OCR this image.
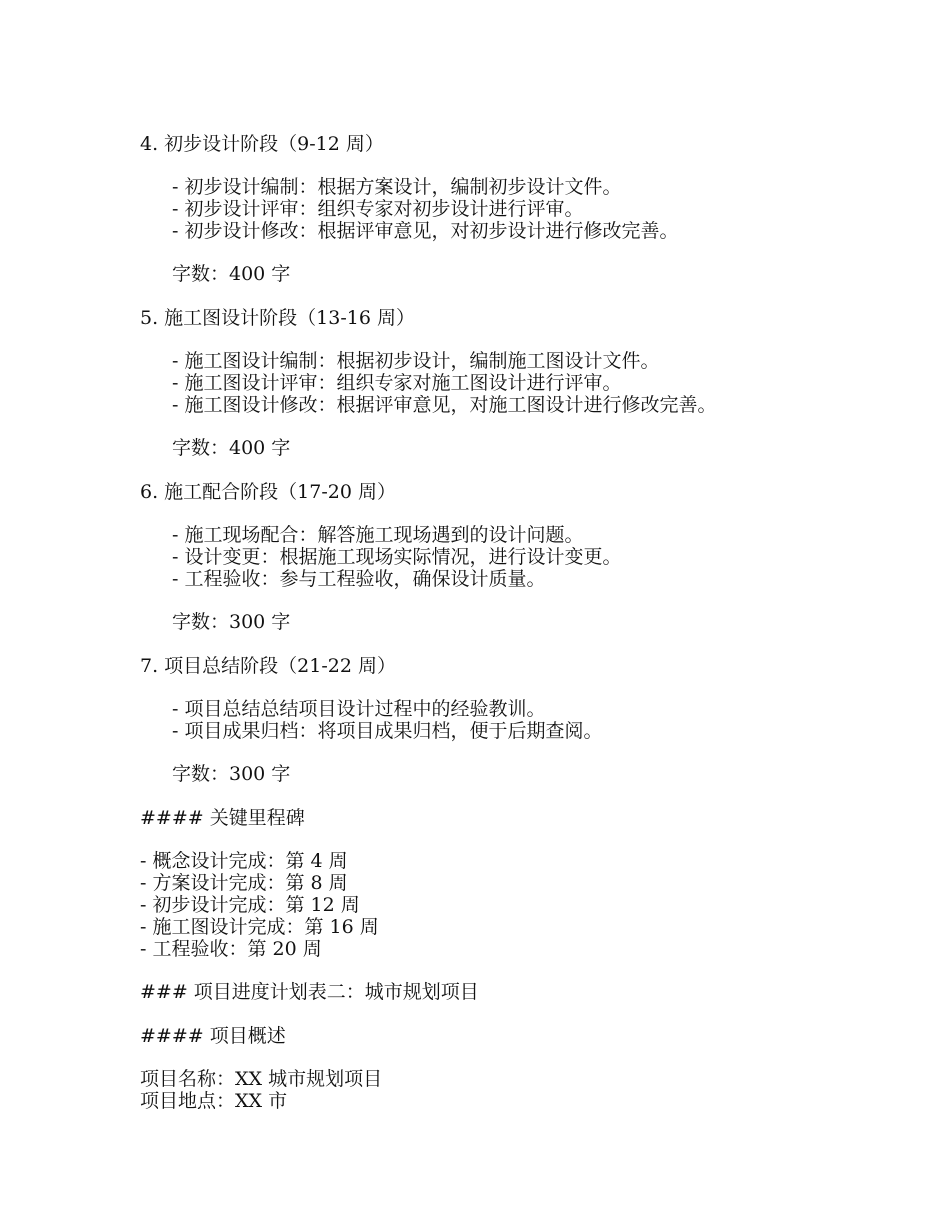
4. 初步设计阶段（9-12 周）
- 初步设计编制：根据方案设计，编制初步设计文件。
- 初步设计评审：组织专家对初步设计进行评审。
- 初步设计修改：根据评审意见，对初步设计进行修改完善。
字数：400 字
5. 施工图设计阶段（13-16 周）
- 施工图设计编制：根据初步设计，编制施工图设计文件。
- 施工图设计评审：组织专家对施工图设计进行评审。
- 施工图设计修改：根据评审意见，对施工图设计进行修改完善。
字数：400 字
6. 施工配合阶段（17-20 周）
- 施工现场配合：解答施工现场遇到的设计问题。
- 设计变更：根据施工现场实际情况，进行设计变更。
- 工程验收：参与工程验收，确保设计质量。
字数：300 字
7. 项目总结阶段（21-22 周）
- 项目总结总结项目设计过程中的经验教训。
- 项目成果归档：将项目成果归档，便于后期查阅。
字数：300 字
#### 关键里程碑
- 概念设计完成：第 4 周
- 方案设计完成：第 8 周
- 初步设计完成：第 12 周
- 施工图设计完成：第 16 周
- 工程验收：第 20 周
### 项目进度计划表二：城市规划项目
#### 项目概述
项目名称：XX 城市规划项目
项目地点：XX 市
